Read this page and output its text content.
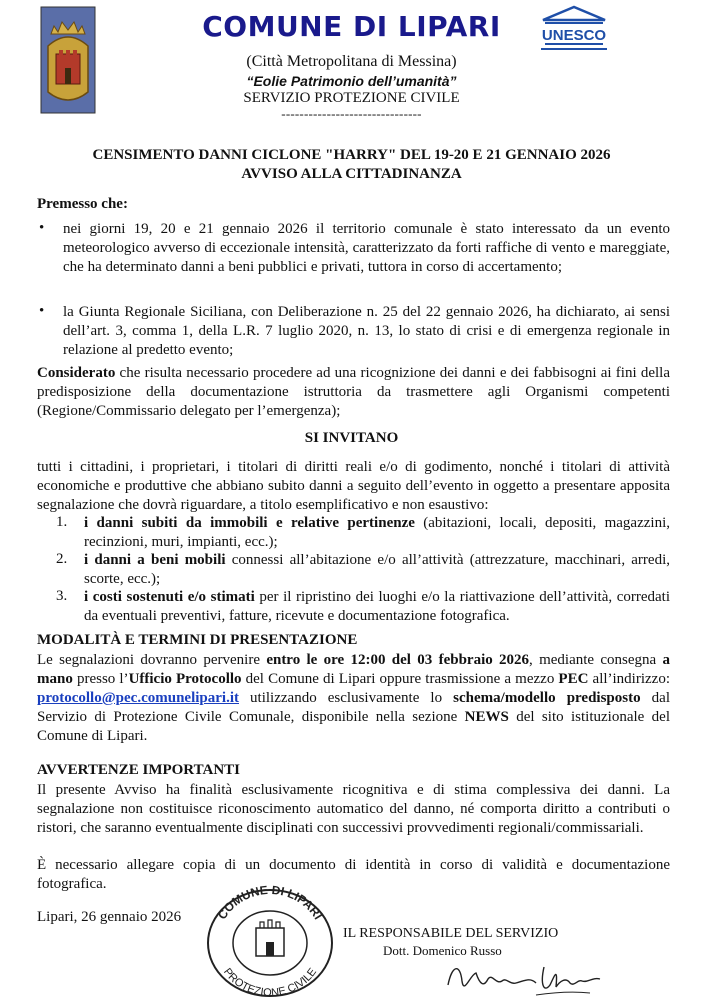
COMUNE DI LIPARI	UNESCO
(Città Metropolitana di Messina)
“Eolie Patrimonio dell’umanità”
SERVIZIO PROTEZIONE CIVILE
-------------------------------
CENSIMENTO DANNI CICLONE "HARRY" DEL 19-20 E 21 GENNAIO 2026
AVVISO ALLA CITTADINANZA
Premesso che:
• nei giorni 19, 20 e 21 gennaio 2026 il territorio comunale è stato interessato da un evento meteorologico avverso di eccezionale intensità, caratterizzato da forti raffiche di vento e mareggiate, che ha determinato danni a beni pubblici e privati, tuttora in corso di accertamento;
• la Giunta Regionale Siciliana, con Deliberazione n. 25 del 22 gennaio 2026, ha dichiarato, ai sensi dell’art. 3, comma 1, della L.R. 7 luglio 2020, n. 13, lo stato di crisi e di emergenza regionale in relazione al predetto evento;
Considerato che risulta necessario procedere ad una ricognizione dei danni e dei fabbisogni ai fini della predisposizione della documentazione istruttoria da trasmettere agli Organismi competenti (Regione/Commissario delegato per l’emergenza);
SI INVITANO
tutti i cittadini, i proprietari, i titolari di diritti reali e/o di godimento, nonché i titolari di attività economiche e produttive che abbiano subito danni a seguito dell’evento in oggetto a presentare apposita segnalazione che dovrà riguardare, a titolo esemplificativo e non esaustivo:
1. i danni subiti da immobili e relative pertinenze (abitazioni, locali, depositi, magazzini, recinzioni, muri, impianti, ecc.);
2. i danni a beni mobili connessi all’abitazione e/o all’attività (attrezzature, macchinari, arredi, scorte, ecc.);
3. i costi sostenuti e/o stimati per il ripristino dei luoghi e/o la riattivazione dell’attività, corredati da eventuali preventivi, fatture, ricevute e documentazione fotografica.
MODALITÀ E TERMINI DI PRESENTAZIONE
Le segnalazioni dovranno pervenire entro le ore 12:00 del 03 febbraio 2026, mediante consegna a mano presso l’Ufficio Protocollo del Comune di Lipari oppure trasmissione a mezzo PEC all’indirizzo: protocollo@pec.comunelipari.it utilizzando esclusivamente lo schema/modello predisposto dal Servizio di Protezione Civile Comunale, disponibile nella sezione NEWS del sito istituzionale del Comune di Lipari.
AVVERTENZE IMPORTANTI
Il presente Avviso ha finalità esclusivamente ricognitiva e di stima complessiva dei danni. La segnalazione non costituisce riconoscimento automatico del danno, né comporta diritto a contributi o ristori, che saranno eventualmente disciplinati con successivi provvedimenti regionali/commissariali.
È necessario allegare copia di un documento di identità in corso di validità e documentazione fotografica.
Lipari, 26 gennaio 2026	COMUNE DI LIPARI
PROTEZIONE CIVILE
IL RESPONSABILE DEL SERVIZIO
Dott. Domenico Russo
